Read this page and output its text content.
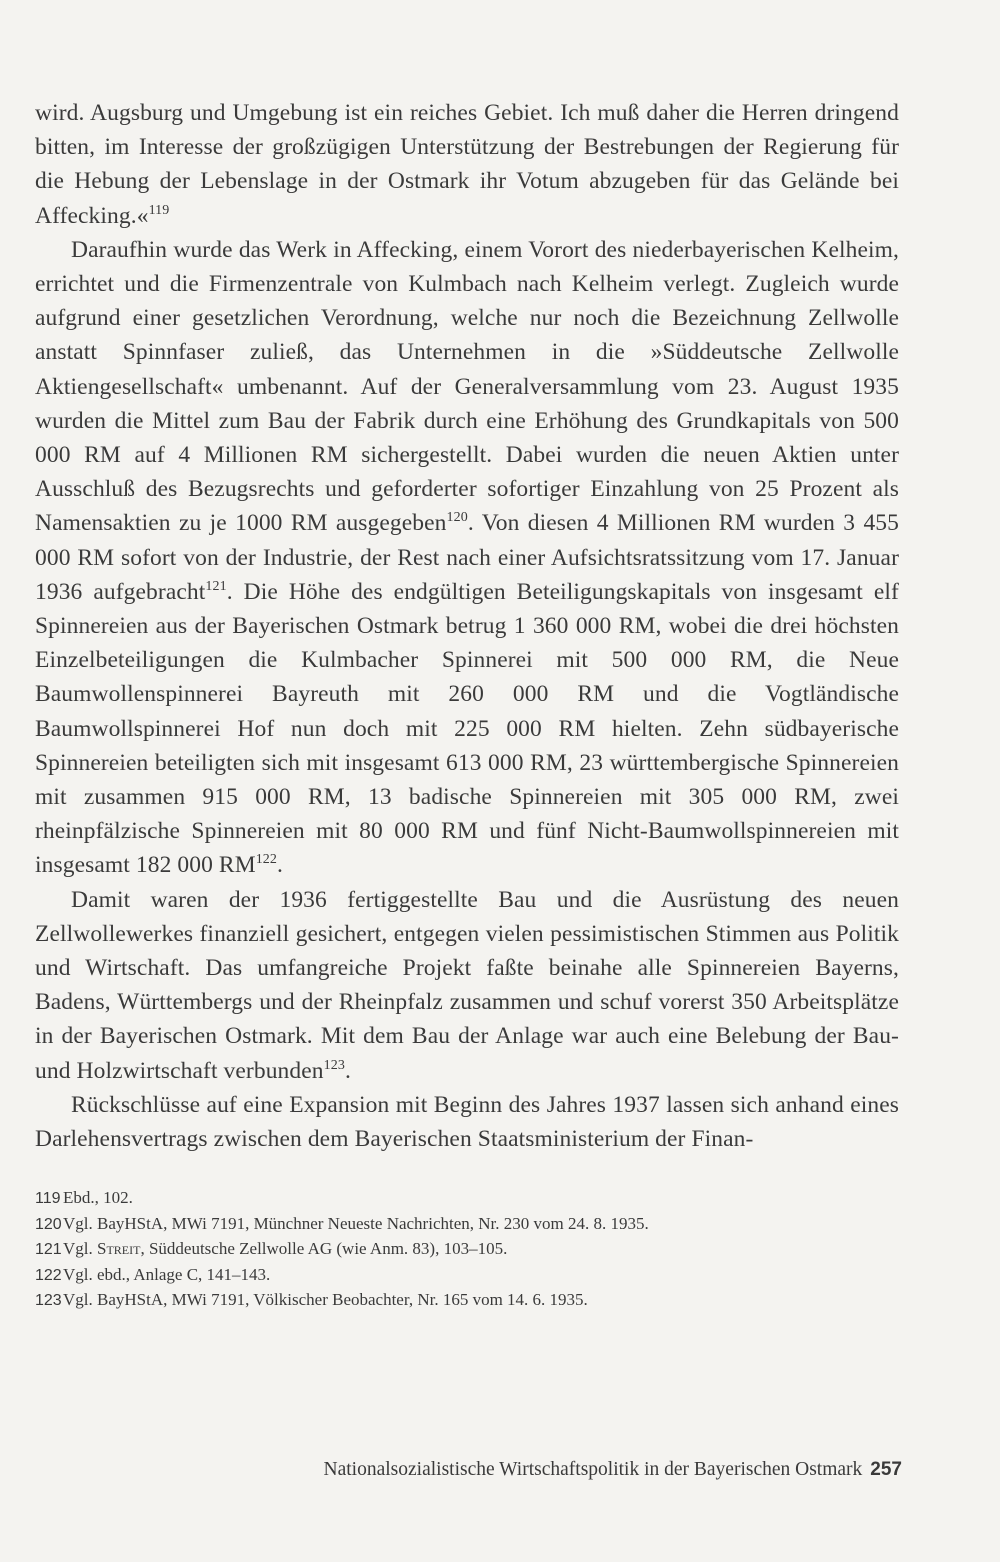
wird. Augsburg und Umgebung ist ein reiches Gebiet. Ich muß daher die Herren dringend bitten, im Interesse der großzügigen Unterstützung der Bestrebungen der Regierung für die Hebung der Lebenslage in der Ostmark ihr Votum abzugeben für das Gelände bei Affecking.«$^{119}$

Daraufhin wurde das Werk in Affecking, einem Vorort des niederbayerischen Kelheim, errichtet und die Firmenzentrale von Kulmbach nach Kelheim verlegt. Zugleich wurde aufgrund einer gesetzlichen Verordnung, welche nur noch die Bezeichnung Zellwolle anstatt Spinnfaser zuließ, das Unternehmen in die »Süddeutsche Zellwolle Aktiengesellschaft« umbenannt. Auf der Generalversammlung vom 23. August 1935 wurden die Mittel zum Bau der Fabrik durch eine Erhöhung des Grundkapitals von 500 000 RM auf 4 Millionen RM sichergestellt. Dabei wurden die neuen Aktien unter Ausschluß des Bezugsrechts und geforderter sofortiger Einzahlung von 25 Prozent als Namensaktien zu je 1000 RM ausgegeben$^{120}$. Von diesen 4 Millionen RM wurden 3 455 000 RM sofort von der Industrie, der Rest nach einer Aufsichtsratssitzung vom 17. Januar 1936 aufgebracht$^{121}$. Die Höhe des endgültigen Beteiligungskapitals von insgesamt elf Spinnereien aus der Bayerischen Ostmark betrug 1 360 000 RM, wobei die drei höchsten Einzelbeteiligungen die Kulmbacher Spinnerei mit 500 000 RM, die Neue Baumwollenspinnerei Bayreuth mit 260 000 RM und die Vogtländische Baumwollspinnerei Hof nun doch mit 225 000 RM hielten. Zehn südbayerische Spinnereien beteiligten sich mit insgesamt 613 000 RM, 23 württembergische Spinnereien mit zusammen 915 000 RM, 13 badische Spinnereien mit 305 000 RM, zwei rheinpfälzische Spinnereien mit 80 000 RM und fünf Nicht-Baumwollspinnereien mit insgesamt 182 000 RM$^{122}$.

Damit waren der 1936 fertiggestellte Bau und die Ausrüstung des neuen Zellwollewerkes finanziell gesichert, entgegen vielen pessimistischen Stimmen aus Politik und Wirtschaft. Das umfangreiche Projekt faßte beinahe alle Spinnereien Bayerns, Badens, Württembergs und der Rheinpfalz zusammen und schuf vorerst 350 Arbeitsplätze in der Bayerischen Ostmark. Mit dem Bau der Anlage war auch eine Belebung der Bau- und Holzwirtschaft verbunden$^{123}$.

Rückschlüsse auf eine Expansion mit Beginn des Jahres 1937 lassen sich anhand eines Darlehensvertrags zwischen dem Bayerischen Staatsministerium der Finan-

119 Ebd., 102.

120Vgl. BayHStA, MWi 7191, Münchner Neueste Nachrichten, Nr. 230 vom 24. 8. 1935.

121Vgl. Streit, Süddeutsche Zellwolle AG (wie Anm. 83), 103–105.

122Vgl. ebd., Anlage C, 141–143.

123Vgl. BayHStA, MWi 7191, Völkischer Beobachter, Nr. 165 vom 14. 6. 1935.

Nationalsozialistische Wirtschaftspolitik in der Bayerischen Ostmark 257
